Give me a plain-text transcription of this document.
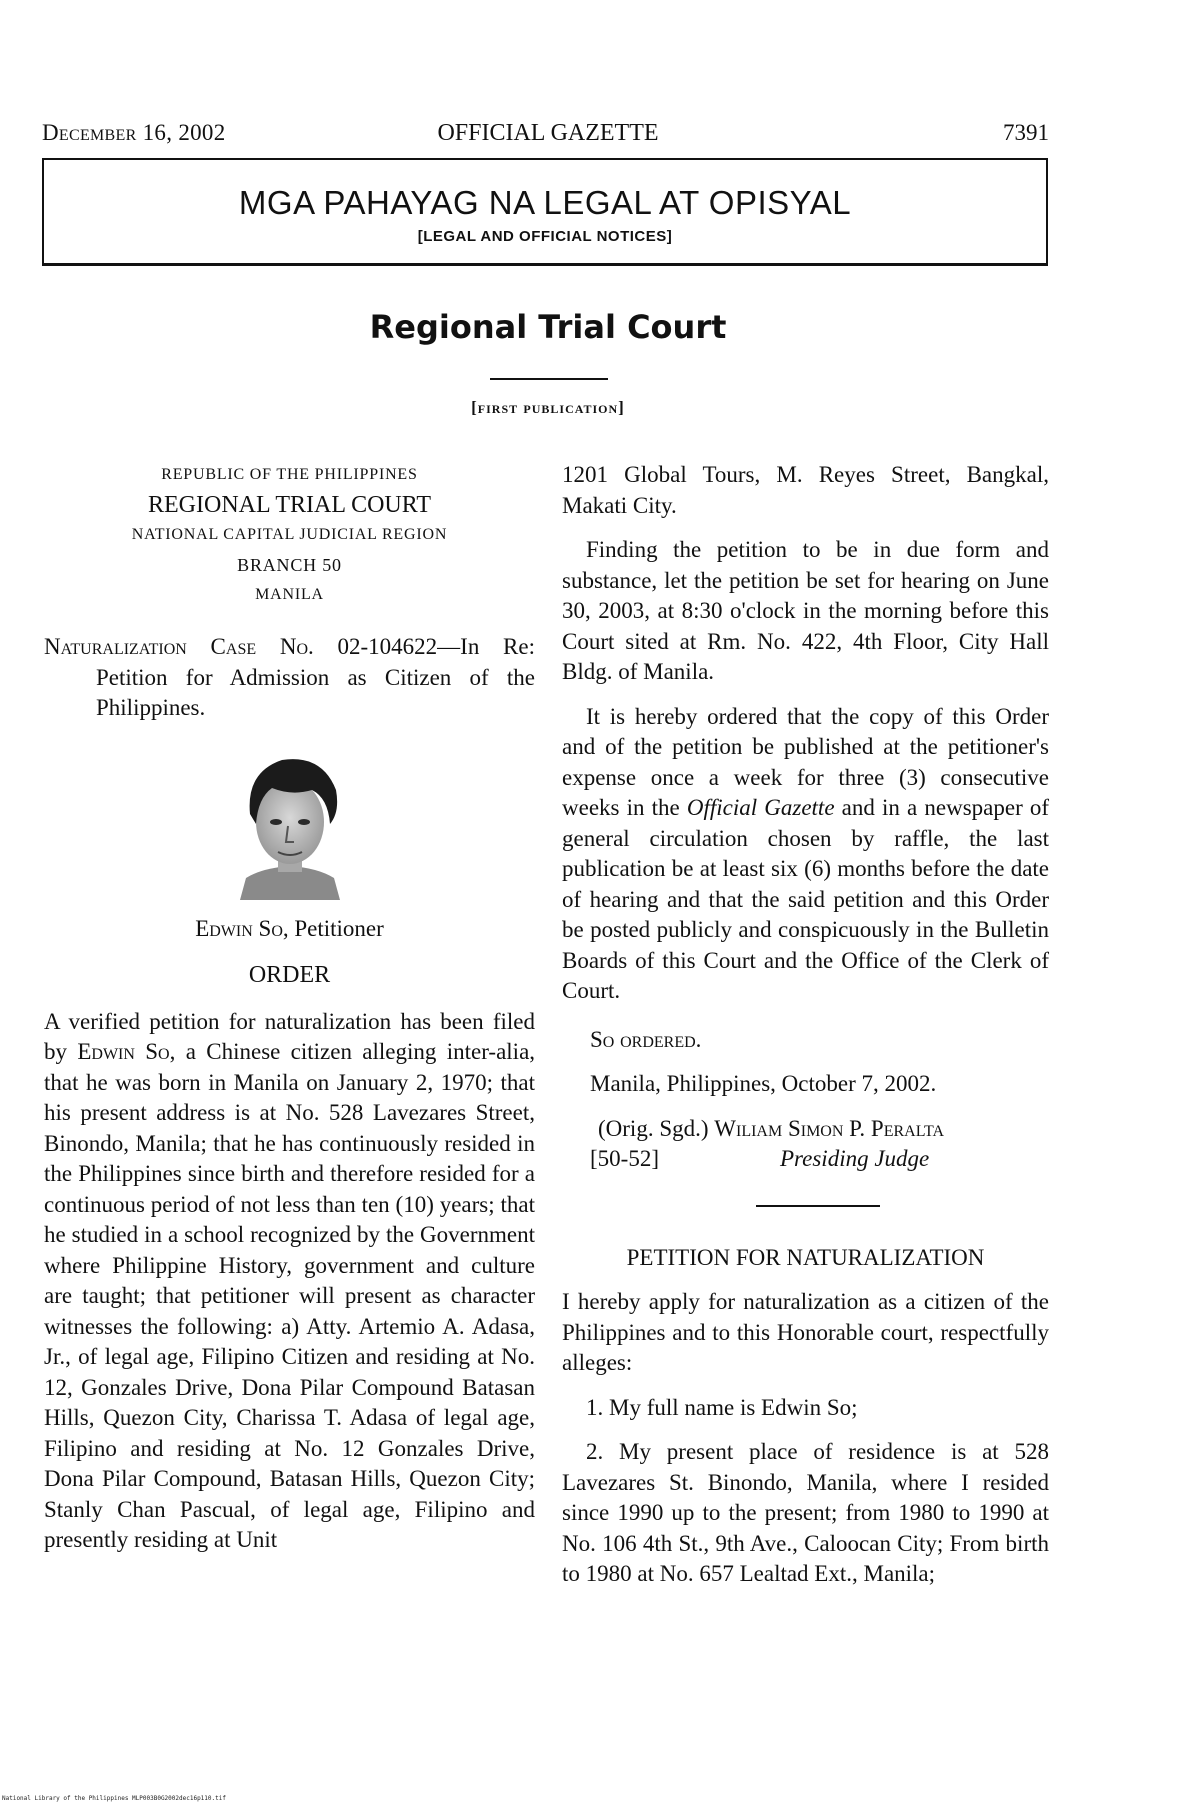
December 16, 2002	OFFICIAL GAZETTE	7391
MGA PAHAYAG NA LEGAL AT OPISYAL
[LEGAL AND OFFICIAL NOTICES]
Regional Trial Court
[first publication]
REPUBLIC OF THE PHILIPPINES
REGIONAL TRIAL COURT
NATIONAL CAPITAL JUDICIAL REGION
BRANCH 50
MANILA

Naturalization Case No. 02-104622—In Re: Petition for Admission as Citizen of the Philippines.

Edwin So, Petitioner
ORDER

A verified petition for naturalization has been filed by Edwin So, a Chinese citizen alleging inter-alia, that he was born in Manila on January 2, 1970; that his present address is at No. 528 Lavezares Street, Binondo, Manila; that he has continuously resided in the Philippines since birth and therefore resided for a continuous period of not less than ten (10) years; that he studied in a school recognized by the Government where Philippine History, government and culture are taught; that petitioner will present as character witnesses the following: a) Atty. Artemio A. Adasa, Jr., of legal age, Filipino Citizen and residing at No. 12, Gonzales Drive, Dona Pilar Compound Batasan Hills, Quezon City, Charissa T. Adasa of legal age, Filipino and residing at No. 12 Gonzales Drive, Dona Pilar Compound, Batasan Hills, Quezon City; Stanly Chan Pascual, of legal age, Filipino and presently residing at Unit

1201 Global Tours, M. Reyes Street, Bangkal, Makati City.

Finding the petition to be in due form and substance, let the petition be set for hearing on June 30, 2003, at 8:30 o'clock in the morning before this Court sited at Rm. No. 422, 4th Floor, City Hall Bldg. of Manila.

It is hereby ordered that the copy of this Order and of the petition be published at the petitioner's expense once a week for three (3) consecutive weeks in the Official Gazette and in a newspaper of general circulation chosen by raffle, the last publication be at least six (6) months before the date of hearing and that the said petition and this Order be posted publicly and conspicuously in the Bulletin Boards of this Court and the Office of the Clerk of Court.

So ordered.

Manila, Philippines, October 7, 2002.

(Orig. Sgd.) Wiliam Simon P. Peralta

[50-52]	Presiding Judge

PETITION FOR NATURALIZATION

I hereby apply for naturalization as a citizen of the Philippines and to this Honorable court, respectfully alleges:

1. My full name is Edwin So;

2. My present place of residence is at 528 Lavezares St. Binondo, Manila, where I resided since 1990 up to the present; from 1980 to 1990 at No. 106 4th St., 9th Ave., Caloocan City; From birth to 1980 at No. 657 Lealtad Ext., Manila;

National Library of the Philippines MLP003B0G2002dec16p110.tif
